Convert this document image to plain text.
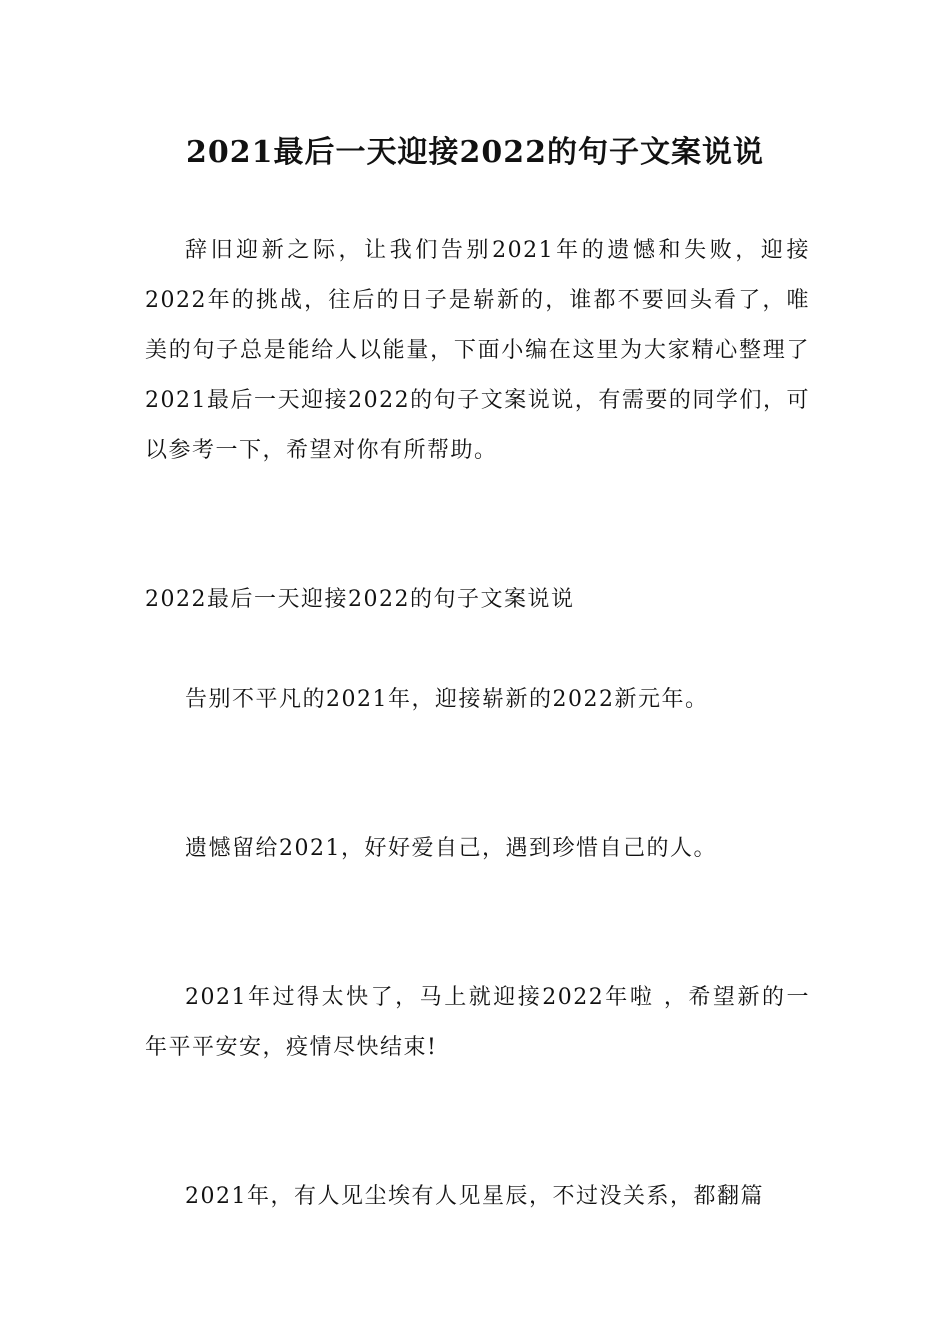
2021最后一天迎接2022的句子文案说说
辞旧迎新之际，让我们告别2021年的遗憾和失败，迎接2022年的挑战，往后的日子是崭新的，谁都不要回头看了，唯美的句子总是能给人以能量，下面小编在这里为大家精心整理了2021最后一天迎接2022的句子文案说说，有需要的同学们，可以参考一下，希望对你有所帮助。
2022最后一天迎接2022的句子文案说说
告别不平凡的2021年，迎接崭新的2022新元年。
遗憾留给2021，好好爱自己，遇到珍惜自己的人。
2021年过得太快了，马上就迎接2022年啦 ，希望新的一年平平安安，疫情尽快结束!
2021年，有人见尘埃有人见星辰，不过没关系，都翻篇
